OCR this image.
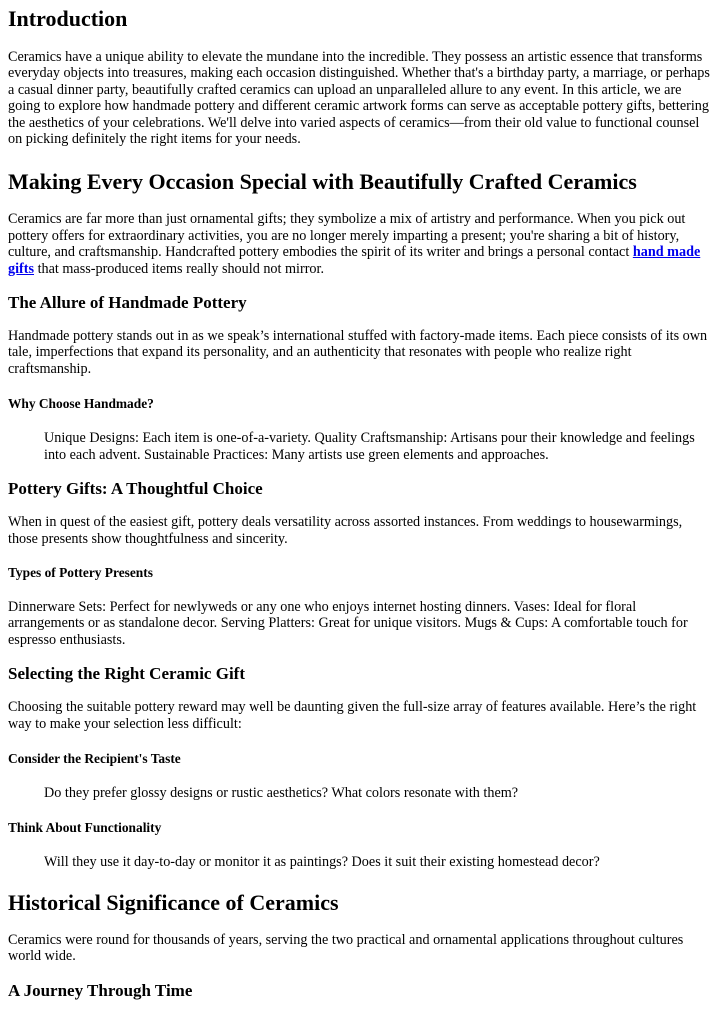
Introduction

Ceramics have a unique ability to elevate the mundane into the incredible. They possess an artistic essence that transforms everyday objects into treasures, making each occasion distinguished. Whether that's a birthday party, a marriage, or perhaps a casual dinner party, beautifully crafted ceramics can upload an unparalleled allure to any event. In this article, we are going to explore how handmade pottery and different ceramic artwork forms can serve as acceptable pottery gifts, bettering the aesthetics of your celebrations. We'll delve into varied aspects of ceramics—from their old value to functional counsel on picking definitely the right items for your needs.

Making Every Occasion Special with Beautifully Crafted Ceramics

Ceramics are far more than just ornamental gifts; they symbolize a mix of artistry and performance. When you pick out pottery offers for extraordinary activities, you are no longer merely imparting a present; you're sharing a bit of history, culture, and craftsmanship. Handcrafted pottery embodies the spirit of its writer and brings a personal contact hand made gifts that mass-produced items really should not mirror.

The Allure of Handmade Pottery

Handmade pottery stands out in as we speak’s international stuffed with factory-made items. Each piece consists of its own tale, imperfections that expand its personality, and an authenticity that resonates with people who realize right craftsmanship.

Why Choose Handmade?
Unique Designs: Each item is one-of-a-variety. Quality Craftsmanship: Artisans pour their knowledge and feelings into each advent. Sustainable Practices: Many artists use green elements and approaches.
Pottery Gifts: A Thoughtful Choice

When in quest of the easiest gift, pottery deals versatility across assorted instances. From weddings to housewarmings, those presents show thoughtfulness and sincerity.

Types of Pottery Presents

Dinnerware Sets: Perfect for newlyweds or any one who enjoys internet hosting dinners. Vases: Ideal for floral arrangements or as standalone decor. Serving Platters: Great for unique visitors. Mugs & Cups: A comfortable touch for espresso enthusiasts.

Selecting the Right Ceramic Gift

Choosing the suitable pottery reward may well be daunting given the full-size array of features available. Here’s the right way to make your selection less difficult:

Consider the Recipient's Taste
Do they prefer glossy designs or rustic aesthetics? What colors resonate with them?
Think About Functionality
Will they use it day-to-day or monitor it as paintings? Does it suit their existing homestead decor?
Historical Significance of Ceramics

Ceramics were round for thousands of years, serving the two practical and ornamental applications throughout cultures world wide.

A Journey Through Time
